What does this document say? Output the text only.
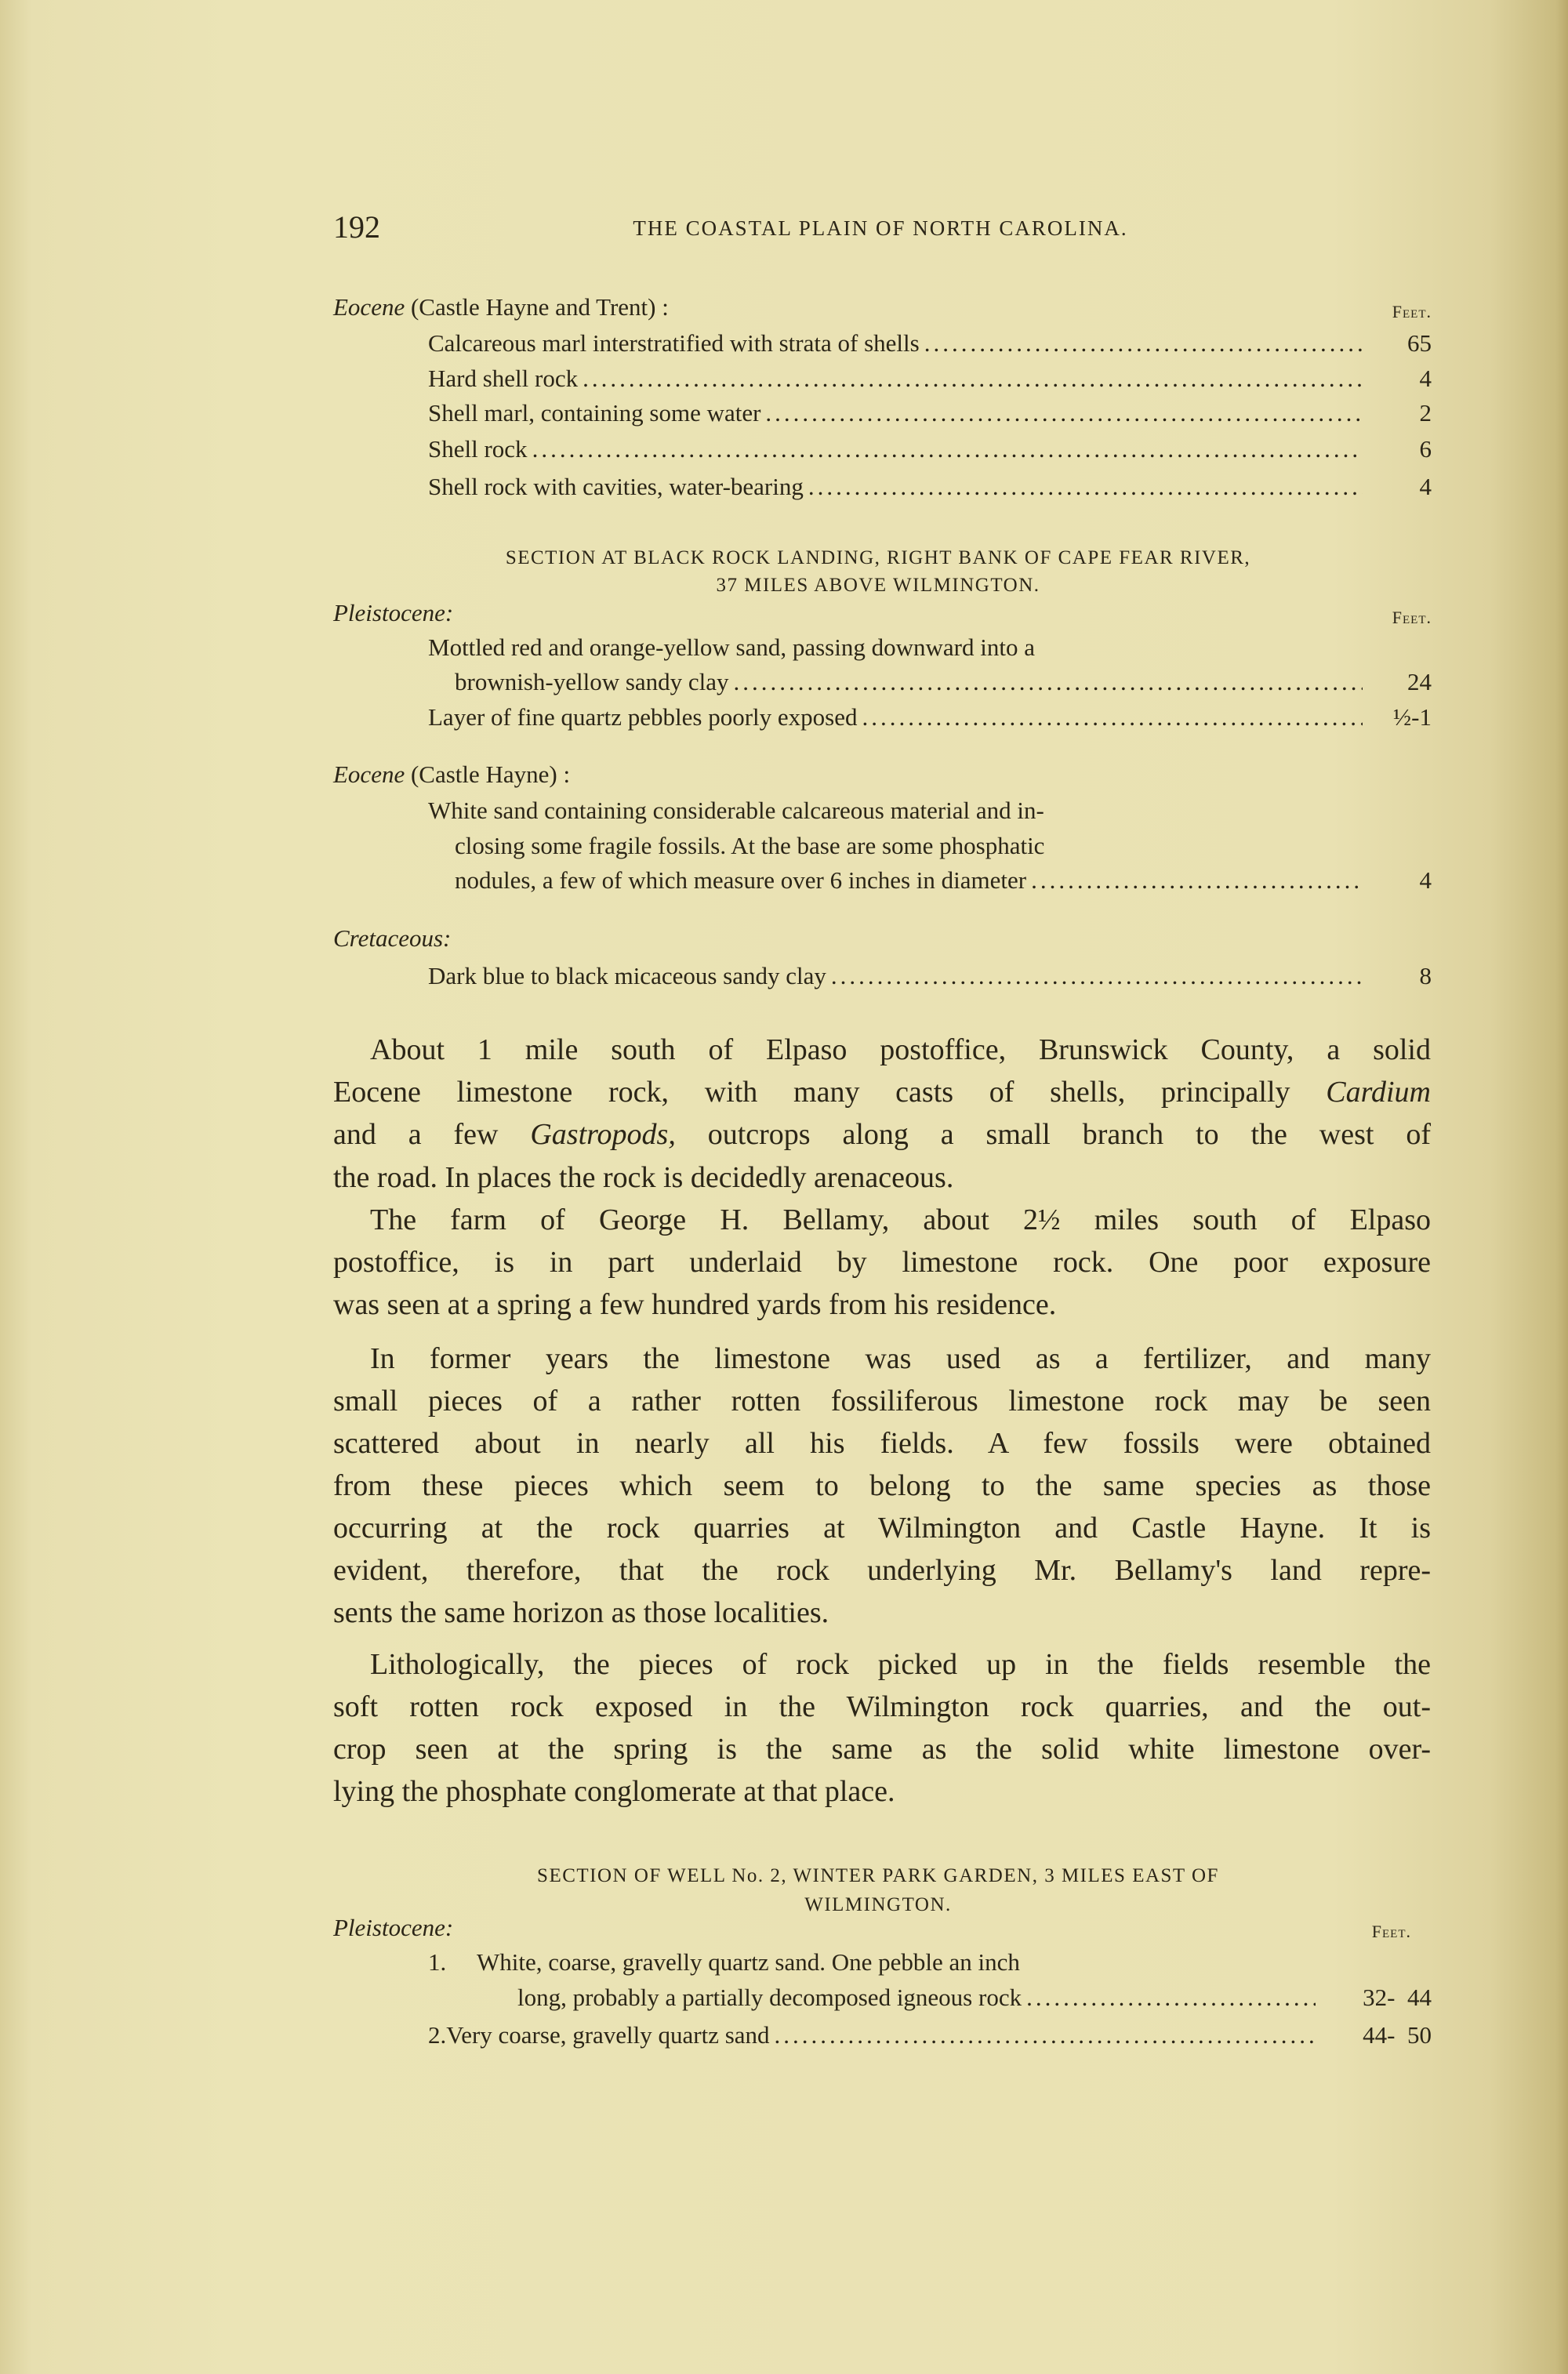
192	THE COASTAL PLAIN OF NORTH CAROLINA.
Eocene (Castle Hayne and Trent) :	Feet.
Calcareous marl interstratified with strata of shells .....	65
Hard shell rock .....	4
Shell marl, containing some water .....	2
Shell rock .....	6
Shell rock with cavities, water-bearing .....	4
SECTION AT BLACK ROCK LANDING, RIGHT BANK OF CAPE FEAR RIVER,
37 MILES ABOVE WILMINGTON.
Pleistocene:	Feet.
Mottled red and orange-yellow sand, passing downward into a
brownish-yellow sandy clay .....	24
Layer of fine quartz pebbles poorly exposed .....	½-1
Eocene (Castle Hayne) :
White sand containing considerable calcareous material and in-
closing some fragile fossils. At the base are some phosphatic
nodules, a few of which measure over 6 inches in diameter .....	4
Cretaceous:
Dark blue to black micaceous sandy clay .....	8
About 1 mile south of Elpaso postoffice, Brunswick County, a solid
Eocene limestone rock, with many casts of shells, principally Cardium
and a few Gastropods, outcrops along a small branch to the west of
the road. In places the rock is decidedly arenaceous.
The farm of George H. Bellamy, about 2½ miles south of Elpaso
postoffice, is in part underlaid by limestone rock. One poor exposure
was seen at a spring a few hundred yards from his residence.
In former years the limestone was used as a fertilizer, and many
small pieces of a rather rotten fossiliferous limestone rock may be seen
scattered about in nearly all his fields. A few fossils were obtained
from these pieces which seem to belong to the same species as those
occurring at the rock quarries at Wilmington and Castle Hayne. It is
evident, therefore, that the rock underlying Mr. Bellamy's land repre-
sents the same horizon as those localities.
Lithologically, the pieces of rock picked up in the fields resemble the
soft rotten rock exposed in the Wilmington rock quarries, and the out-
crop seen at the spring is the same as the solid white limestone over-
lying the phosphate conglomerate at that place.
SECTION OF WELL No. 2, WINTER PARK GARDEN, 3 MILES EAST OF
WILMINGTON.
Pleistocene:	Feet.
1.	White, coarse, gravelly quartz sand. One pebble an inch
long, probably a partially decomposed igneous rock .....	32-  44
2. Very coarse, gravelly quartz sand .....	44-  50
